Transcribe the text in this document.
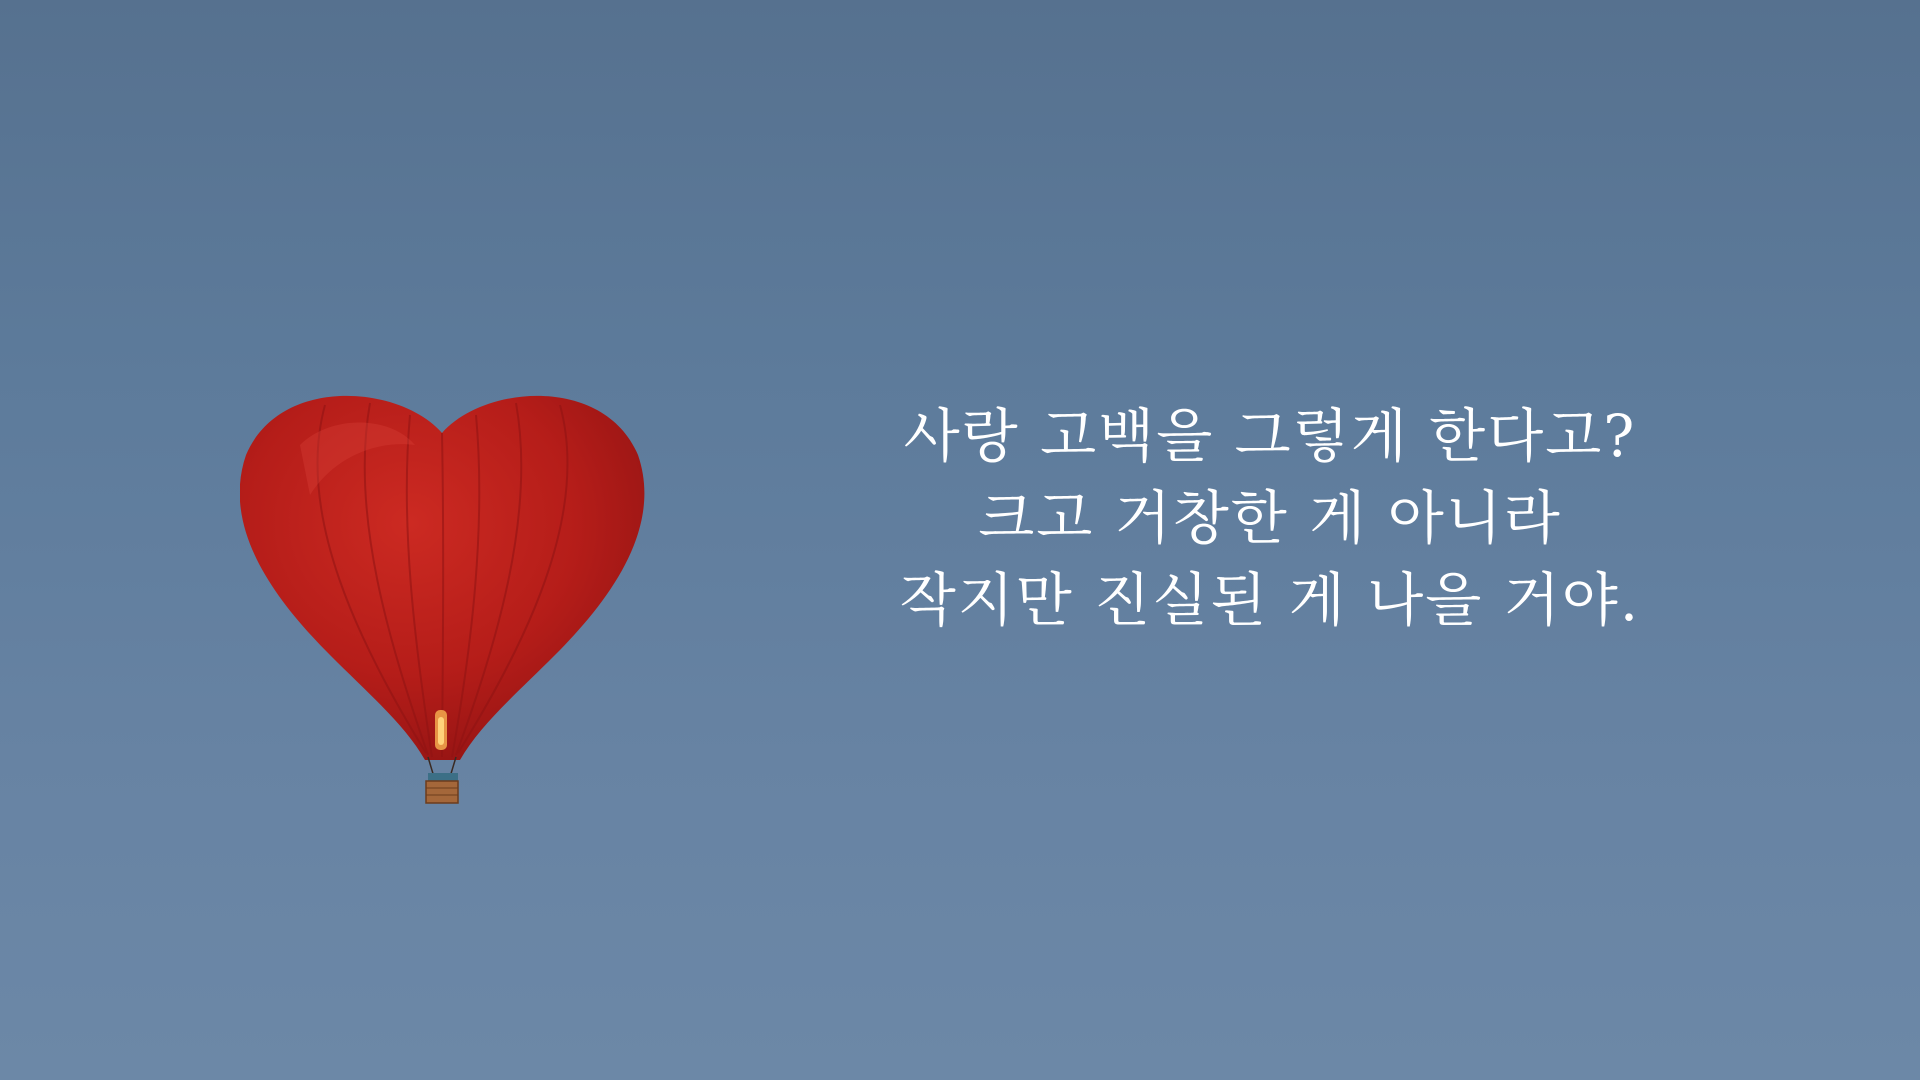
사랑 고백을 그렇게 한다고?
크고 거창한 게 아니라
작지만 진실된 게 나을 거야.
